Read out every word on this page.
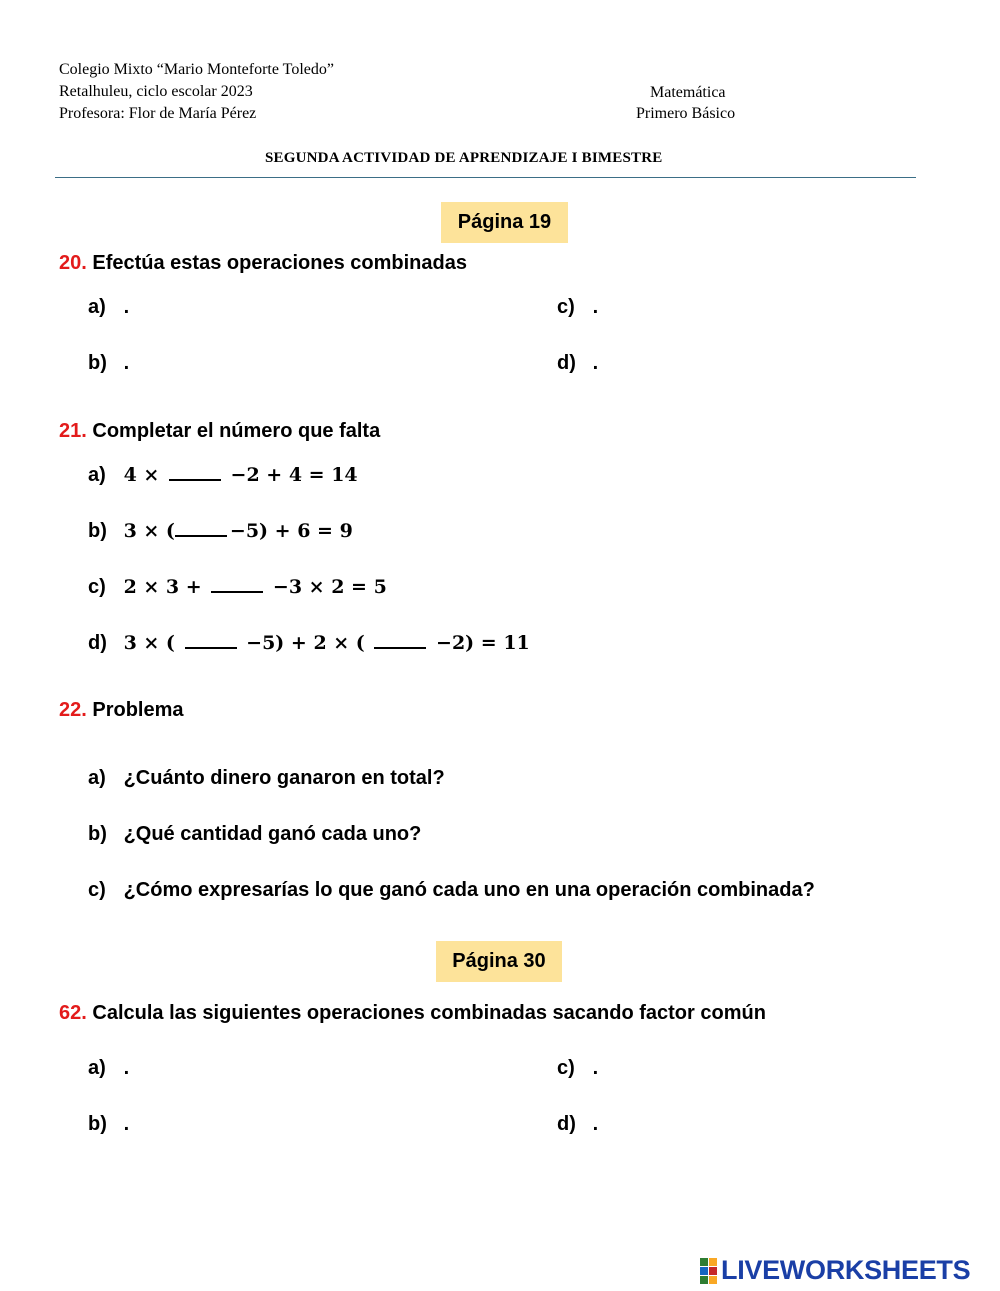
Colegio Mixto “Mario Monteforte Toledo”
Retalhuleu, ciclo escolar 2023
Profesora: Flor de María Pérez
Matemática
Primero Básico
SEGUNDA ACTIVIDAD DE APRENDIZAJE I BIMESTRE
Página 19
20. Efectúa estas operaciones combinadas
a) .	c) .
b) .	d) .
21. Completar el número que falta
a) 4 ×	−2 + 4 = 14
b) 3 × (	−5) + 6 = 9
c) 2 × 3 +	−3 × 2 = 5
d) 3 × (	−5) + 2 × (	−2) = 11
22. Problema
a) ¿Cuánto dinero ganaron en total?
b) ¿Qué cantidad ganó cada uno?
c) ¿Cómo expresarías lo que ganó cada uno en una operación combinada?
Página 30
62. Calcula las siguientes operaciones combinadas sacando factor común
a) .	c) .
b) .	d) .
LIVEWORKSHEETS
